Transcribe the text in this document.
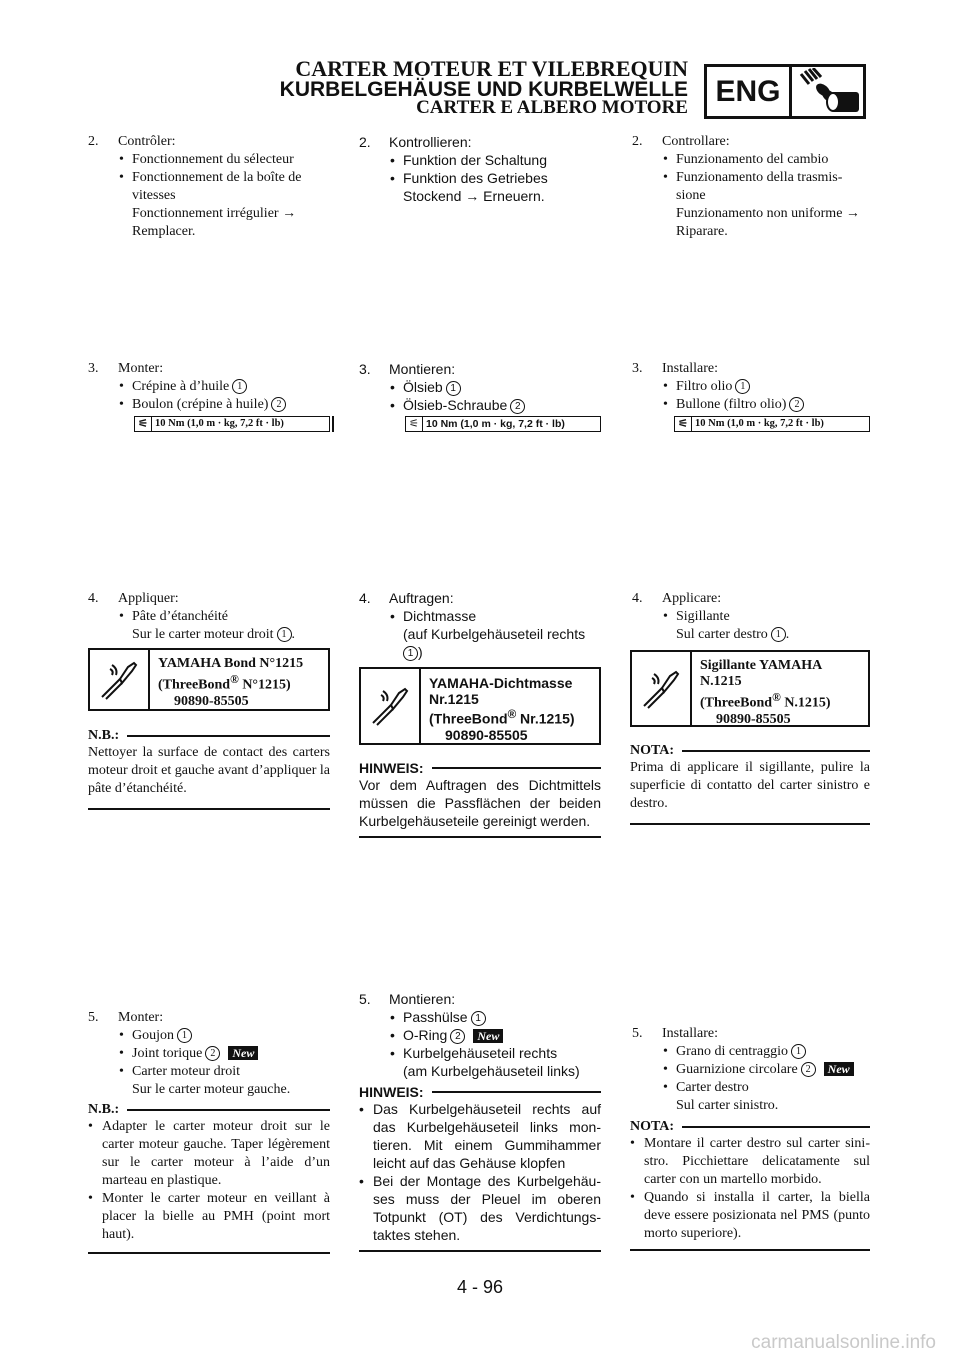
CARTER MOTEUR ET VILEBREQUIN
KURBELGEHÄUSE UND KURBELWELLE
CARTER E ALBERO MOTORE ENG
2.	Contrôler:
• Fonctionnement du sélecteur
• Fonctionnement de la boîte de
vitesses
Fonctionnement irrégulier →
Remplacer.
3.	Monter:
• Crépine à d’huile 1
• Boulon (crépine à huile) 2
⚟ 10 Nm (1,0 m · kg, 7,2 ft · lb)
4.	Appliquer:
• Pâte d’étanchéité
Sur le carter moteur droit 1 .
YAMAHA Bond N°1215
(ThreeBond® N°1215)
90890-85505
N.B.:
Nettoyer la surface de contact des carters moteur droit et gauche avant d’appliquer la pâte d’étanchéité.
5.	Monter:
• Goujon 1
• Joint torique 2 New
• Carter moteur droit
Sur le carter moteur gauche.
N.B.:
• Adapter le carter moteur droit sur le carter moteur gauche. Taper légèrement sur le carter moteur à l’aide d’un marteau en plastique.
• Monter le carter moteur en veillant à placer la bielle au PMH (point mort haut).
2.	Kontrollieren:
• Funktion der Schaltung
• Funktion des Getriebes
Stockend → Erneuern.
3.	Montieren:
• Ölsieb 1
• Ölsieb-Schraube 2
⚟ 10 Nm (1,0 m · kg, 7,2 ft · lb)
4.	Auftragen:
• Dichtmasse
(auf Kurbelgehäuseteil rechts
1 )
YAMAHA-Dichtmasse
Nr.1215
(ThreeBond® Nr.1215)
90890-85505
HINWEIS:
Vor dem Auftragen des Dichtmittels müssen die Passflächen der beiden Kurbelgehäuseteile gereinigt werden.
5.	Montieren:
• Passhülse 1
• O-Ring 2 New
• Kurbelgehäuseteil rechts
(am Kurbelgehäuseteil links)
HINWEIS:
• Das Kurbelgehäuseteil rechts auf das Kurbelgehäuseteil links montieren. Mit einem Gummihammer leicht auf das Gehäuse klopfen
• Bei der Montage des Kurbelgehäuses muss der Pleuel im oberen Totpunkt (OT) des Verdichtungstaktes stehen.
2.	Controllare:
• Funzionamento del cambio
• Funzionamento della trasmis-
sione
Funzionamento non uniforme →
Riparare.
3.	Installare:
• Filtro olio 1
• Bullone (filtro olio) 2
⚟ 10 Nm (1,0 m · kg, 7,2 ft · lb)
4.	Applicare:
• Sigillante
Sul carter destro 1 .
Sigillante YAMAHA
N.1215
(ThreeBond® N.1215)
90890-85505
NOTA:
Prima di applicare il sigillante, pulire la superficie di contatto del carter sinistro e destro.
5.	Installare:
• Grano di centraggio 1
• Guarnizione circolare 2 New
• Carter destro
Sul carter sinistro.
NOTA:
• Montare il carter destro sul carter sinistro. Picchiettare delicatamente sul carter con un martello morbido.
• Quando si installa il carter, la biella deve essere posizionata nel PMS (punto morto superiore).
4 - 96
carmanualsonline.info
